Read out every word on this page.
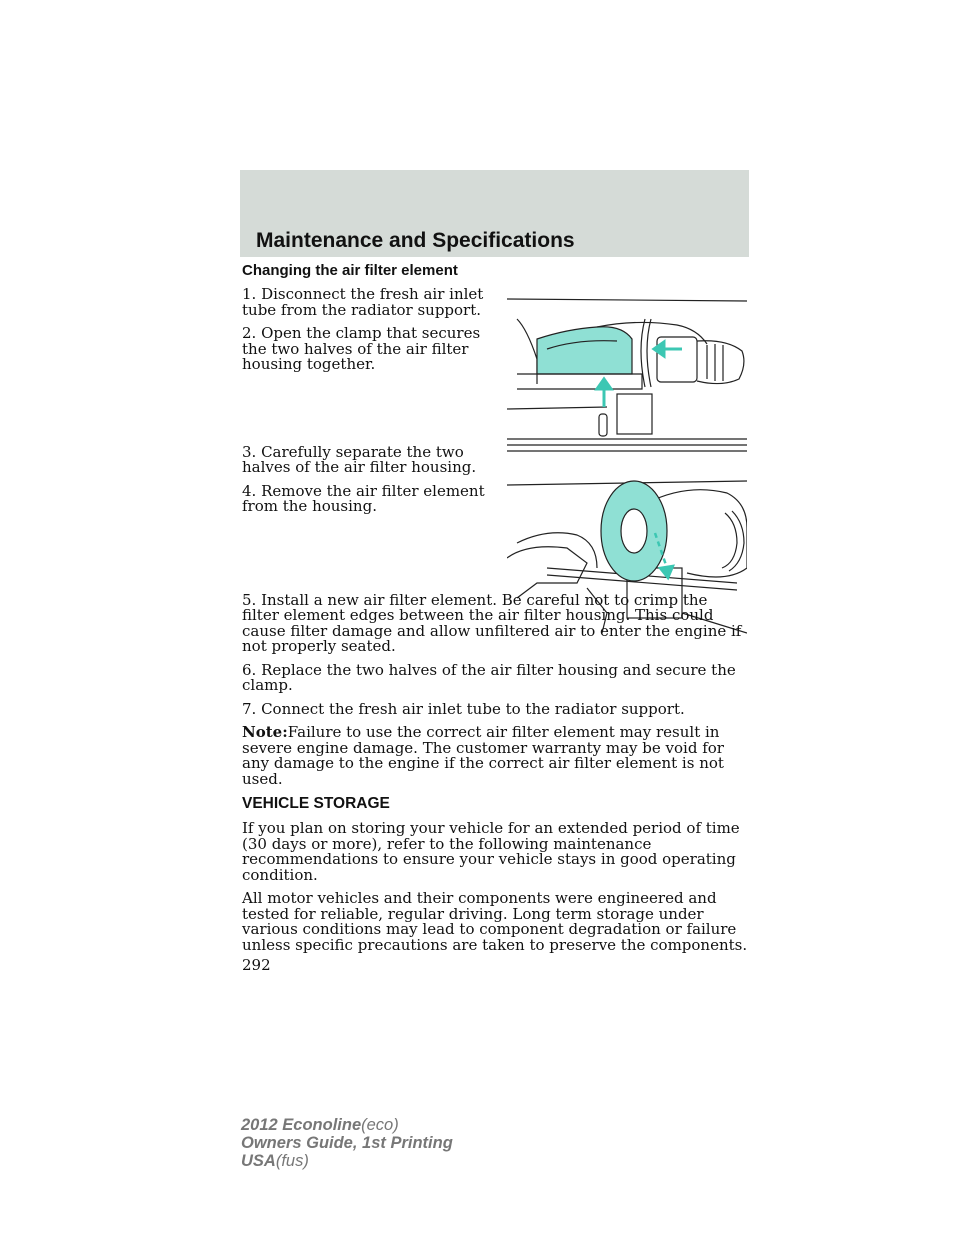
Maintenance and Specifications
Changing the air filter element

1. Disconnect the fresh air inlet tube from the radiator support.

2. Open the clamp that secures the two halves of the air filter housing together.

3. Carefully separate the two halves of the air filter housing.

4. Remove the air filter element from the housing.

5. Install a new air filter element. Be careful not to crimp the filter element edges between the air filter housing. This could cause filter damage and allow unfiltered air to enter the engine if not properly seated.

6. Replace the two halves of the air filter housing and secure the clamp.

7. Connect the fresh air inlet tube to the radiator support.

Note:Failure to use the correct air filter element may result in severe engine damage. The customer warranty may be void for any damage to the engine if the correct air filter element is not used.

VEHICLE STORAGE

If you plan on storing your vehicle for an extended period of time (30 days or more), refer to the following maintenance recommendations to ensure your vehicle stays in good operating condition.

All motor vehicles and their components were engineered and tested for reliable, regular driving. Long term storage under various conditions may lead to component degradation or failure unless specific precautions are taken to preserve the components.

292
2012 Econoline(eco)
Owners Guide, 1st Printing
USA(fus)
